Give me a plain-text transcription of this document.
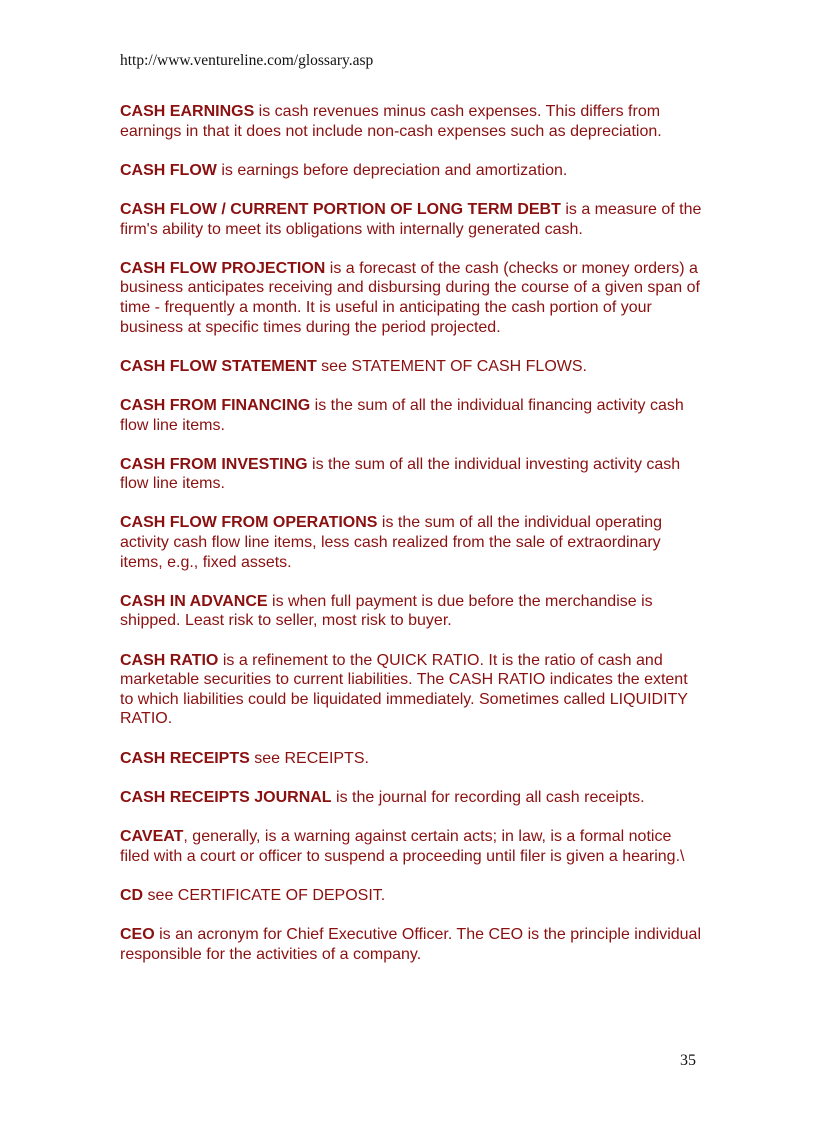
http://www.ventureline.com/glossary.asp

CASH EARNINGS is cash revenues minus cash expenses. This differs from earnings in that it does not include non-cash expenses such as depreciation.

CASH FLOW is earnings before depreciation and amortization.

CASH FLOW / CURRENT PORTION OF LONG TERM DEBT is a measure of the firm's ability to meet its obligations with internally generated cash.

CASH FLOW PROJECTION is a forecast of the cash (checks or money orders) a business anticipates receiving and disbursing during the course of a given span of time - frequently a month. It is useful in anticipating the cash portion of your business at specific times during the period projected.

CASH FLOW STATEMENT see STATEMENT OF CASH FLOWS.

CASH FROM FINANCING is the sum of all the individual financing activity cash flow line items.

CASH FROM INVESTING is the sum of all the individual investing activity cash flow line items.

CASH FLOW FROM OPERATIONS is the sum of all the individual operating activity cash flow line items, less cash realized from the sale of extraordinary items, e.g., fixed assets.

CASH IN ADVANCE is when full payment is due before the merchandise is shipped. Least risk to seller, most risk to buyer.

CASH RATIO is a refinement to the QUICK RATIO. It is the ratio of cash and marketable securities to current liabilities. The CASH RATIO indicates the extent to which liabilities could be liquidated immediately. Sometimes called LIQUIDITY RATIO.

CASH RECEIPTS see RECEIPTS.

CASH RECEIPTS JOURNAL is the journal for recording all cash receipts.

CAVEAT, generally, is a warning against certain acts; in law, is a formal notice filed with a court or officer to suspend a proceeding until filer is given a hearing.\

CD see CERTIFICATE OF DEPOSIT.

CEO is an acronym for Chief Executive Officer. The CEO is the principle individual responsible for the activities of a company.

35
